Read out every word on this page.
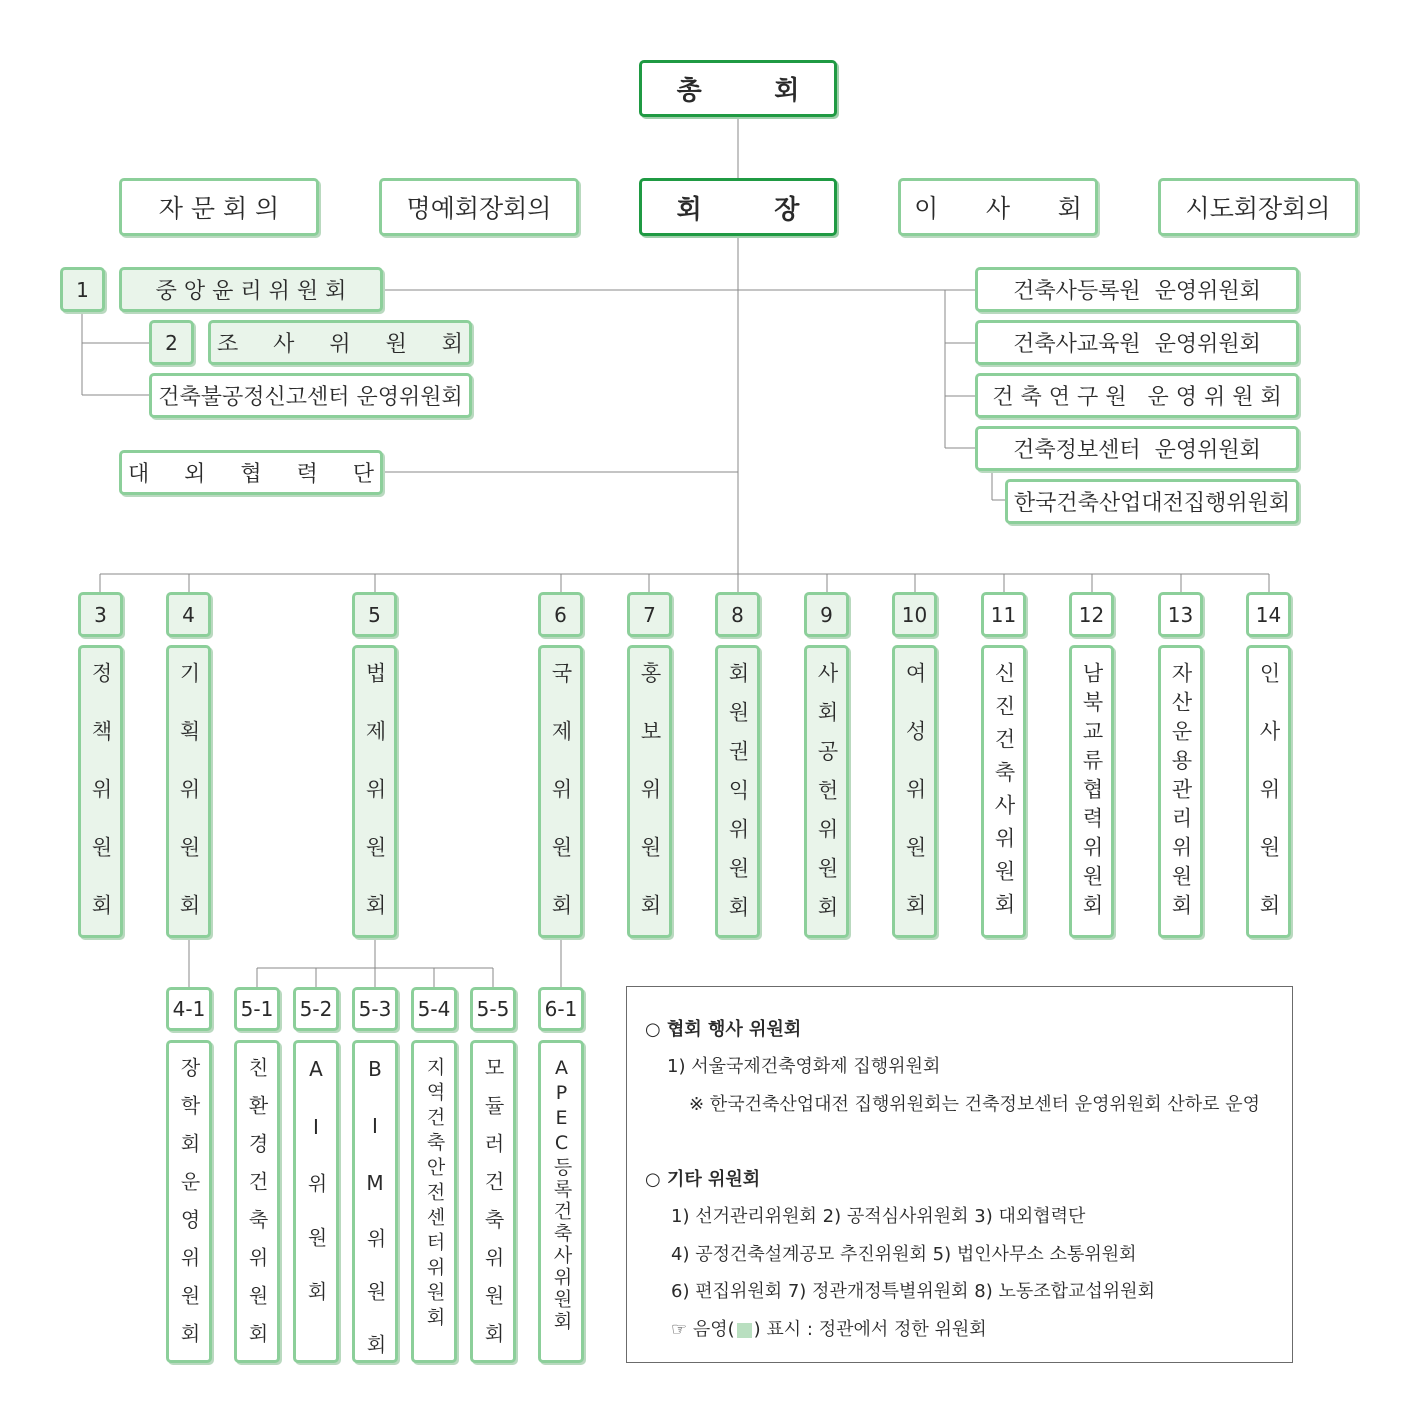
총        회
자 문 회 의	명예회장회의	회        장	이      사      회	시도회장회의
1	중 앙 윤 리 위 원 회
2 조     사     위     원     회
건축불공정신고센터 운영위원회
대     외     협     력     단
건축사등록원  운영위원회
건축사교육원  운영위원회
건 축 연 구 원   운 영 위 원 회
건축정보센터  운영위원회
한국건축산업대전집행위원회
3
정책위원회
4
기획위원회
5
법제위원회
6
국제위원회
7
홍보위원회
8
회원권익위원회
9
사회공헌위원회
10
여성위원회
11
신진건축사위원회
12
남북교류협력위원회
13
자산운용관리위원회
14
인사위원회
4-1
장학회운영위원회
5-1
친환경건축위원회
5-2
AI위원회
5-3
BIM위원회
5-4
지역건축안전센터위원회
5-5
모듈러건축위원회
6-1
APEC등록건축사위원회
○ 협회 행사 위원회
1) 서울국제건축영화제 집행위원회
※ 한국건축산업대전 집행위원회는 건축정보센터 운영위원회 산하로 운영
○ 기타 위원회
1) 선거관리위원회 2) 공적심사위원회 3) 대외협력단
4) 공정건축설계공모 추진위원회 5) 법인사무소 소통위원회
6) 편집위원회 7) 정관개정특별위원회 8) 노동조합교섭위원회
☞ 음영( ) 표시 : 정관에서 정한 위원회
